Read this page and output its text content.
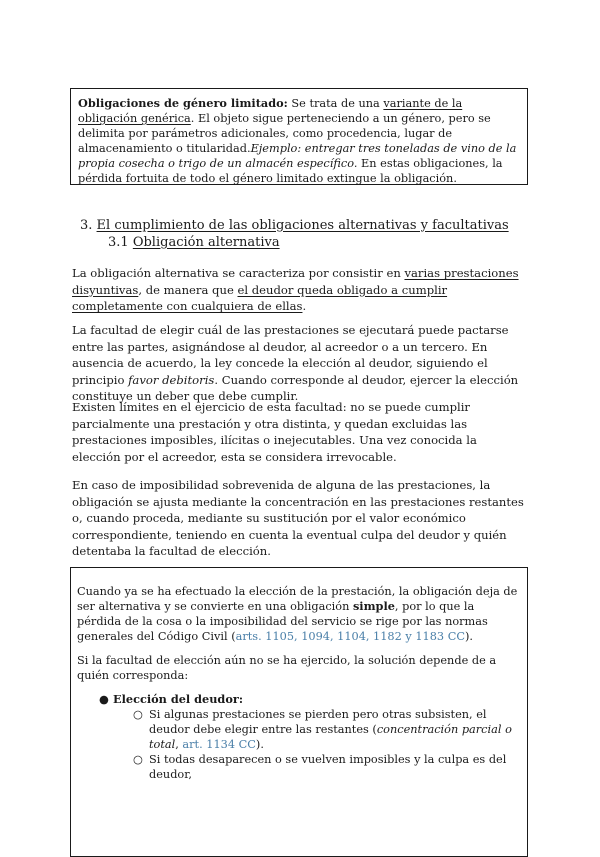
Obligaciones de género limitado: Se trata de una variante de la obligación genérica. El objeto sigue perteneciendo a un género, pero se delimita por parámetros adicionales, como procedencia, lugar de almacenamiento o titularidad.Ejemplo: entregar tres toneladas de vino de la propia cosecha o trigo de un almacén específico. En estas obligaciones, la pérdida fortuita de todo el género limitado extingue la obligación.
3. El cumplimiento de las obligaciones alternativas y facultativas
3.1 Obligación alternativa
La obligación alternativa se caracteriza por consistir en varias prestaciones disyuntivas, de manera que el deudor queda obligado a cumplir completamente con cualquiera de ellas.
La facultad de elegir cuál de las prestaciones se ejecutará puede pactarse entre las partes, asignándose al deudor, al acreedor o a un tercero. En ausencia de acuerdo, la ley concede la elección al deudor, siguiendo el principio favor debitoris. Cuando corresponde al deudor, ejercer la elección constituye un deber que debe cumplir.
Existen límites en el ejercicio de esta facultad: no se puede cumplir parcialmente una prestación y otra distinta, y quedan excluidas las prestaciones imposibles, ilícitas o inejecutables. Una vez conocida la elección por el acreedor, esta se considera irrevocable.
En caso de imposibilidad sobrevenida de alguna de las prestaciones, la obligación se ajusta mediante la concentración en las prestaciones restantes o, cuando proceda, mediante su sustitución por el valor económico correspondiente, teniendo en cuenta la eventual culpa del deudor y quién detentaba la facultad de elección.
Cuando ya se ha efectuado la elección de la prestación, la obligación deja de ser alternativa y se convierte en una obligación simple, por lo que la pérdida de la cosa o la imposibilidad del servicio se rige por las normas generales del Código Civil (arts. 1105, 1094, 1104, 1182 y 1183 CC).
Si la facultad de elección aún no se ha ejercido, la solución depende de a quién corresponda:
● Elección del deudor:
○ Si algunas prestaciones se pierden pero otras subsisten, el deudor debe elegir entre las restantes (concentración parcial o total, art. 1134 CC).
○ Si todas desaparecen o se vuelven imposibles y la culpa es del deudor,
